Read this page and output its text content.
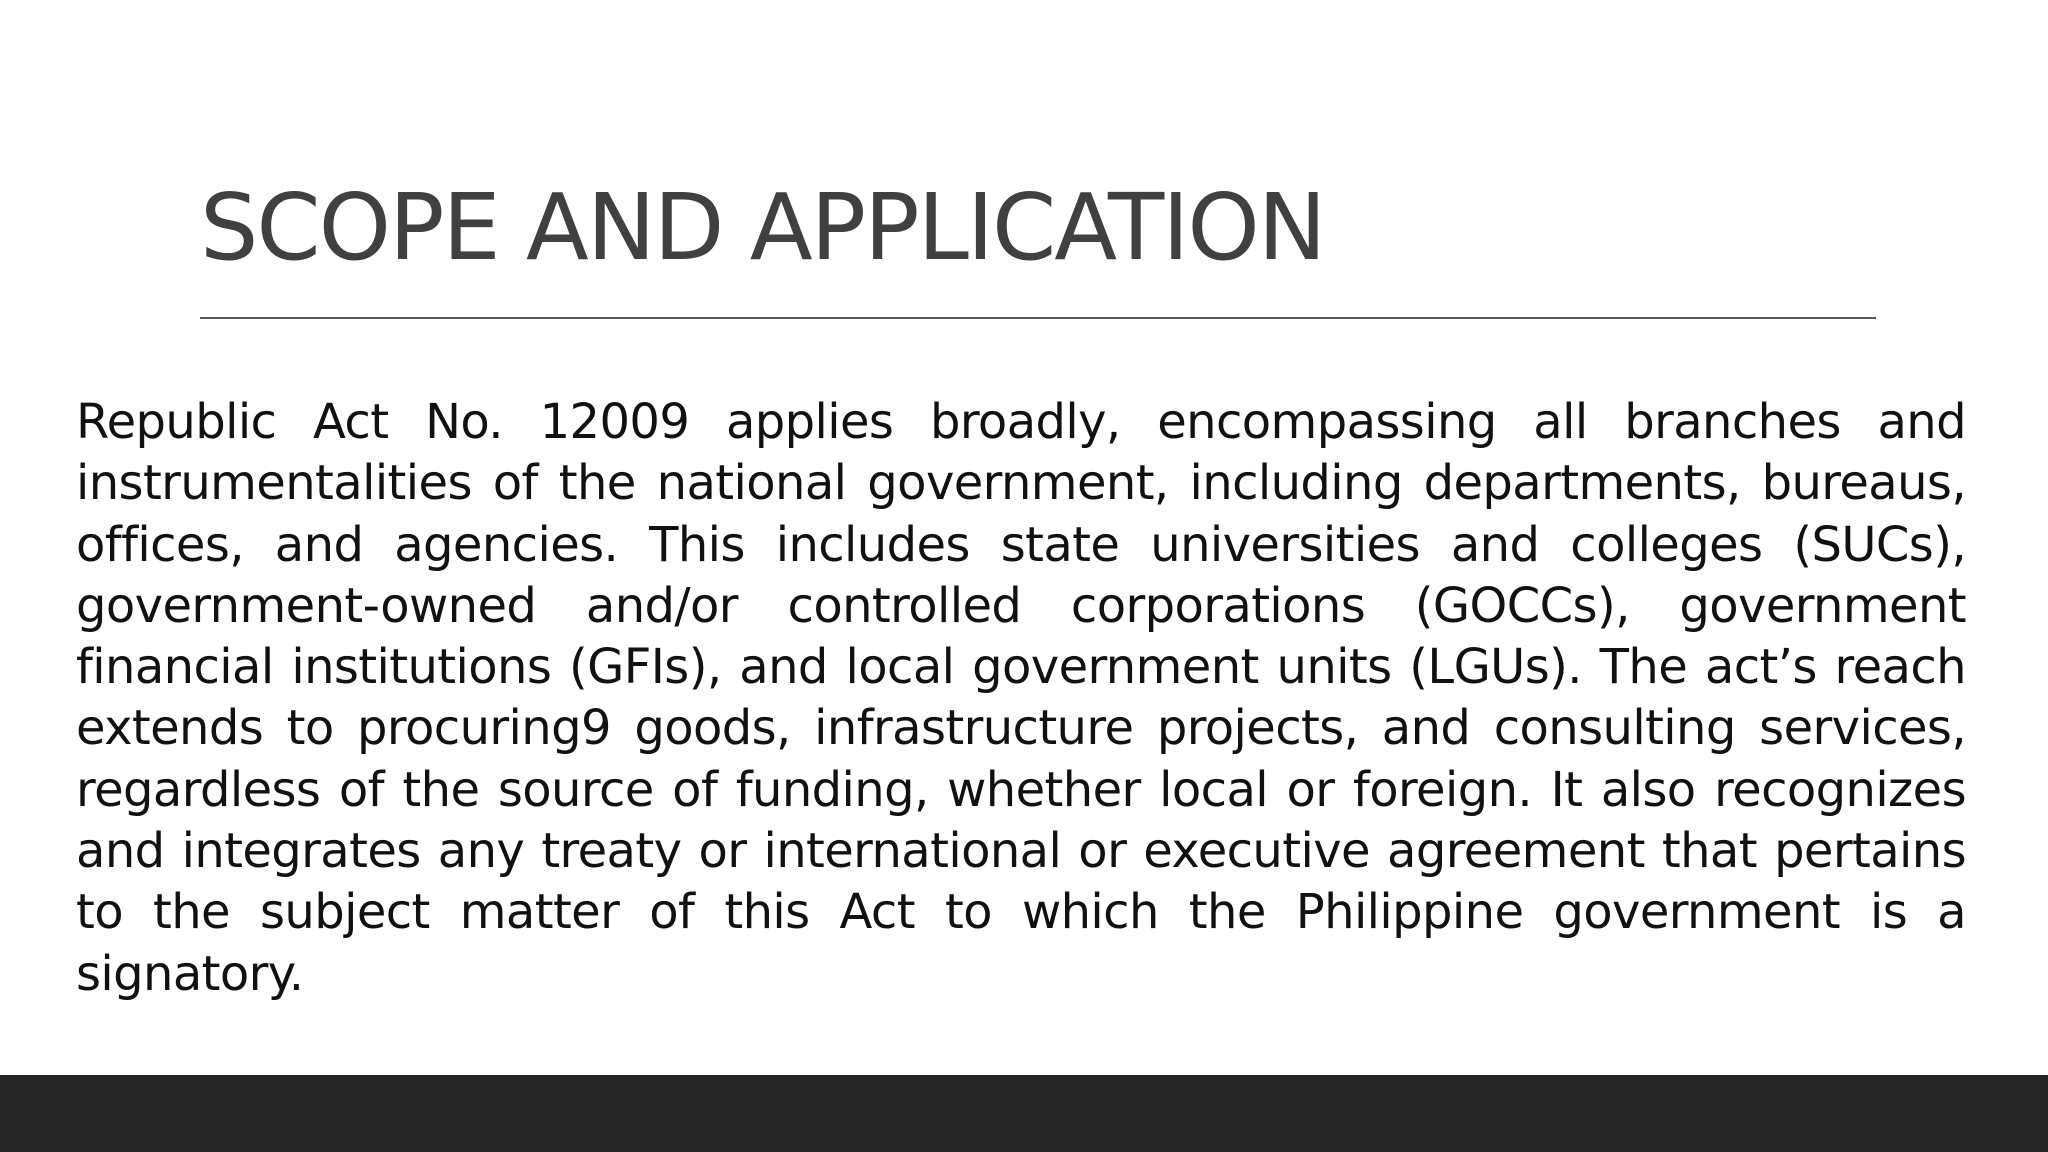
SCOPE AND APPLICATION

Republic Act No. 12009 applies broadly, encompassing all branches and instrumentalities of the national government, including departments, bureaus, offices, and agencies. This includes state universities and colleges (SUCs), government-owned and/or controlled corporations (GOCCs), government financial institutions (GFIs), and local government units (LGUs). The act’s reach extends to procuring9 goods, infrastructure projects, and consulting services, regardless of the source of funding, whether local or foreign. It also recognizes and integrates any treaty or international or executive agreement that pertains to the subject matter of this Act to which the Philippine government is a signatory.
